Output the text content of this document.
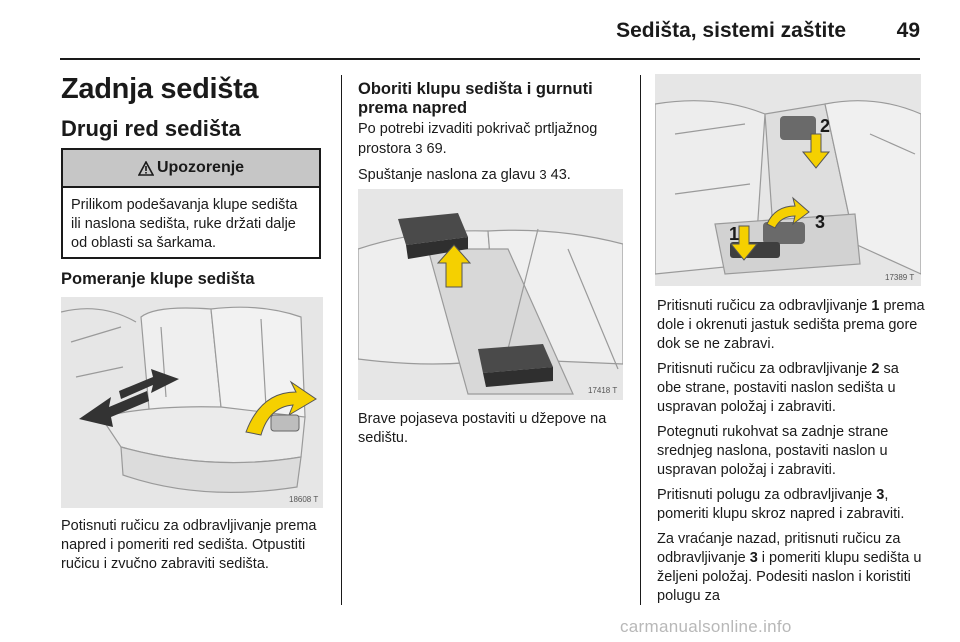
Sedišta, sistemi zaštite 49
Zadnja sedišta
Drugi red sedišta
Upozorenje
Prilikom podešavanja klupe sedišta ili naslona sedišta, ruke držati dalje od oblasti sa šarkama.
Pomeranje klupe sedišta
18608 T
Potisnuti ručicu za odbravljivanje prema napred i pomeriti red sedišta. Otpustiti ručicu i zvučno zabraviti sedišta.
Oboriti klupu sedišta i gurnuti prema napred

Po potrebi izvaditi pokrivač prtljažnog prostora 3 69.

Spuštanje naslona za glavu 3 43.

17418 T
Brave pojaseva postaviti u džepove na sedištu.
2
3
1
17389 T

Pritisnuti ručicu za odbravljivanje 1 prema dole i okrenuti jastuk sedišta prema gore dok se ne zabravi.

Pritisnuti ručicu za odbravljivanje 2 sa obe strane, postaviti naslon sedišta u uspravan položaj i zabraviti.

Potegnuti rukohvat sa zadnje strane srednjeg naslona, postaviti naslon u uspravan položaj i zabraviti.

Pritisnuti polugu za odbravljivanje 3, pomeriti klupu skroz napred i zabraviti.

Za vraćanje nazad, pritisnuti ručicu za odbravljivanje 3 i pomeriti klupu sedišta u željeni položaj. Podesiti naslon i koristiti polugu za

carmanualsonline.info
